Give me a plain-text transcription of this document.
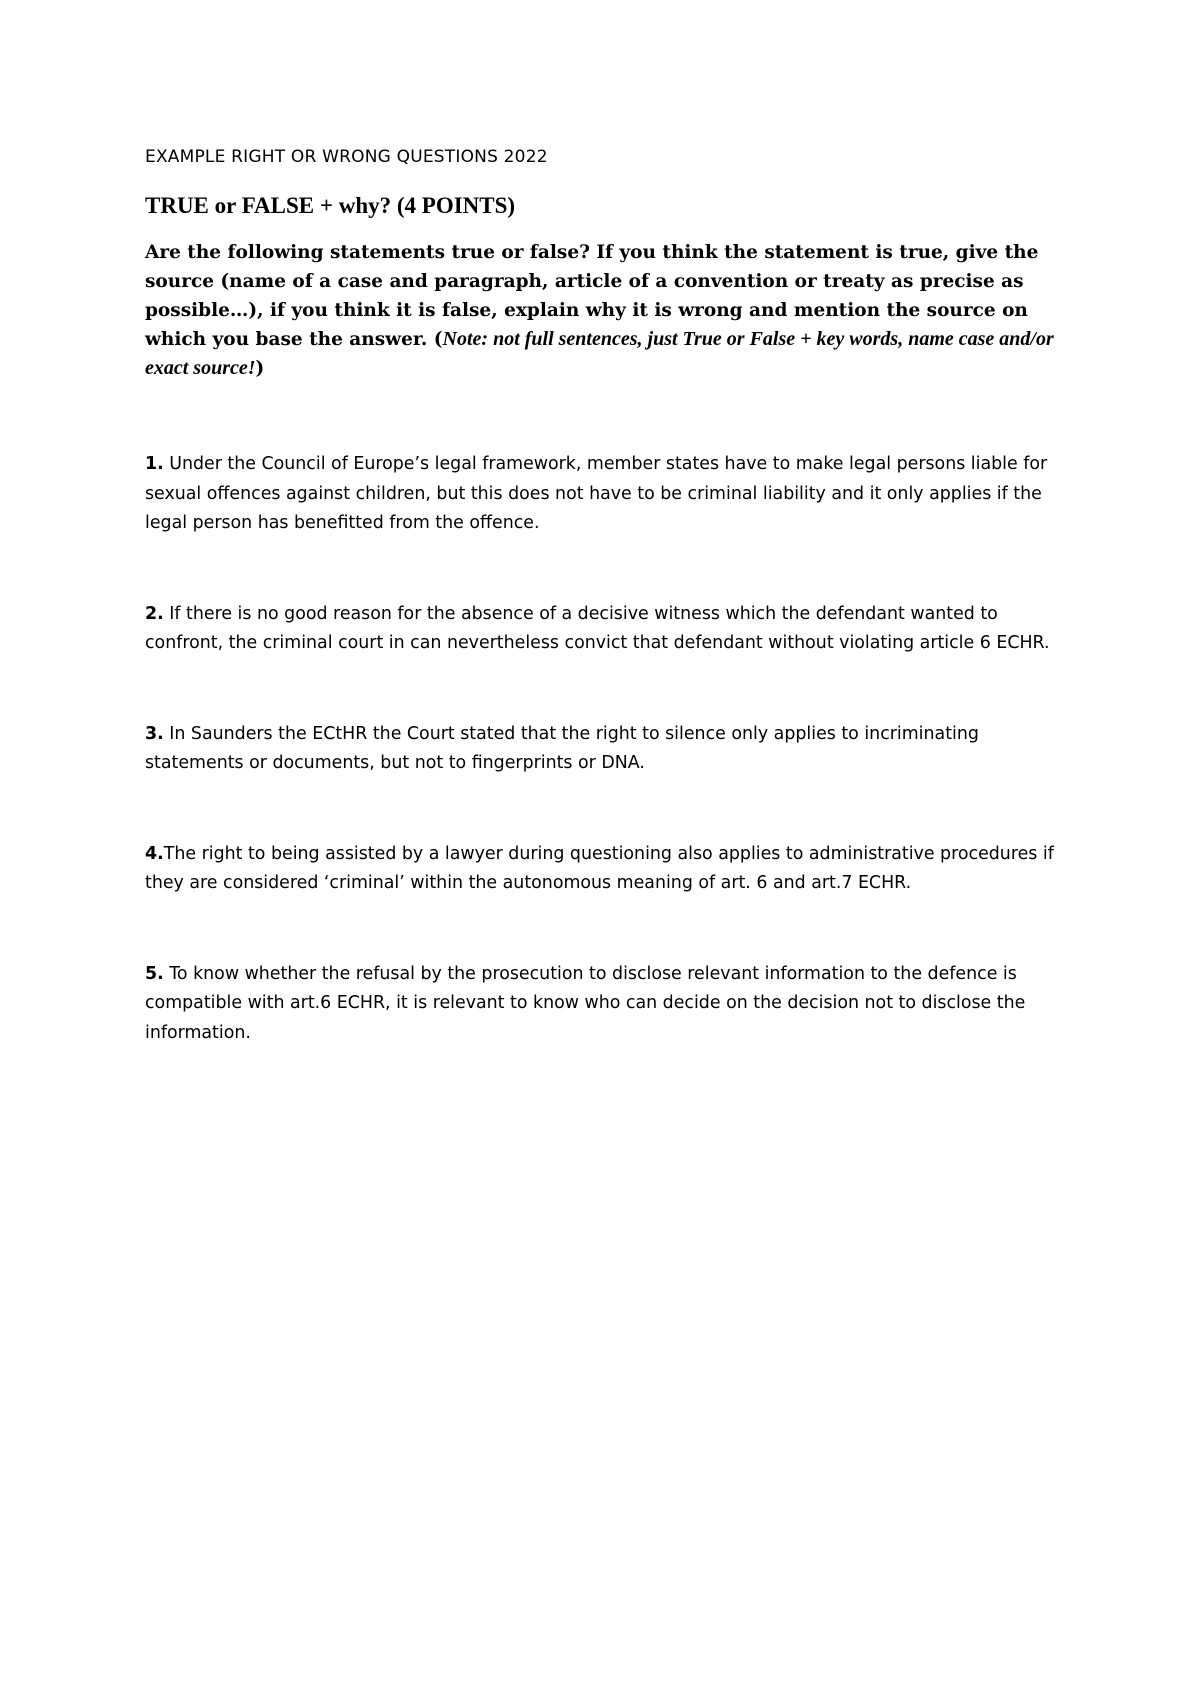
EXAMPLE RIGHT OR WRONG QUESTIONS 2022
TRUE or FALSE + why? (4 POINTS)

Are the following statements true or false? If you think the statement is true, give the source (name of a case and paragraph, article of a convention or treaty as precise as possible…), if you think it is false, explain why it is wrong and mention the source on which you base the answer. (Note: not full sentences, just True or False + key words, name case and/or exact source!)

1. Under the Council of Europe’s legal framework, member states have to make legal persons liable for sexual offences against children, but this does not have to be criminal liability and it only applies if the legal person has benefitted from the offence.

2. If there is no good reason for the absence of a decisive witness which the defendant wanted to confront, the criminal court in can nevertheless convict that defendant without violating article 6 ECHR.

3. In Saunders the ECtHR the Court stated that the right to silence only applies to incriminating statements or documents, but not to fingerprints or DNA.

4.The right to being assisted by a lawyer during questioning also applies to administrative procedures if they are considered ‘criminal’ within the autonomous meaning of art. 6 and art.7 ECHR.

5. To know whether the refusal by the prosecution to disclose relevant information to the defence is compatible with art.6 ECHR, it is relevant to know who can decide on the decision not to disclose the information.
